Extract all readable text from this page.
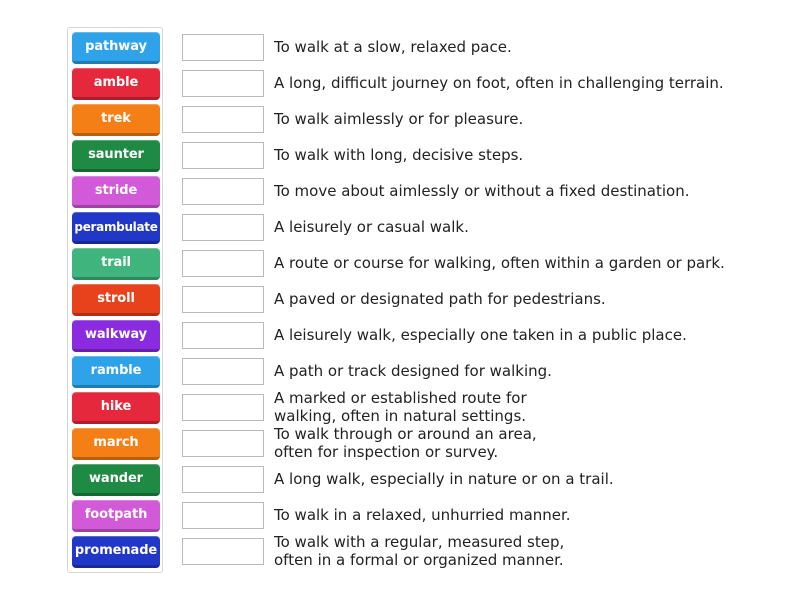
pathway
amble
trek
saunter
stride
perambulate
trail
stroll
walkway
ramble
hike
march
wander
footpath
promenade
To walk at a slow, relaxed pace.
A long, difficult journey on foot, often in challenging terrain.
To walk aimlessly or for pleasure.
To walk with long, decisive steps.
To move about aimlessly or without a fixed destination.
A leisurely or casual walk.
A route or course for walking, often within a garden or park.
A paved or designated path for pedestrians.
A leisurely walk, especially one taken in a public place.
A path or track designed for walking.
A marked or established route for
walking, often in natural settings.
To walk through or around an area,
often for inspection or survey.
A long walk, especially in nature or on a trail.
To walk in a relaxed, unhurried manner.
To walk with a regular, measured step,
often in a formal or organized manner.
